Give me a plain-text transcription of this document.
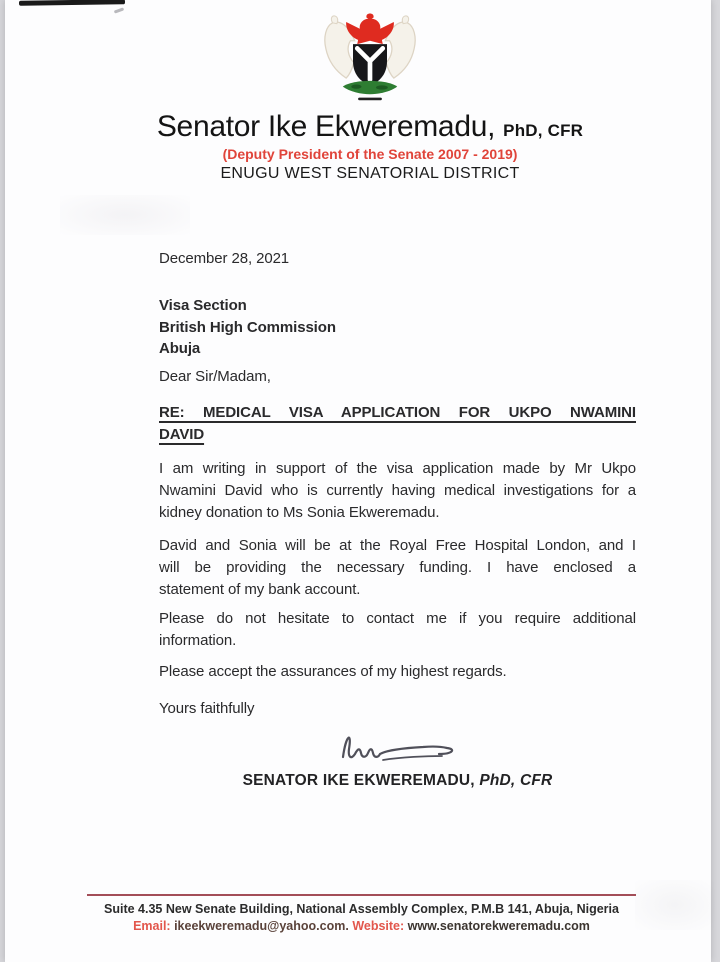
Senator Ike Ekweremadu, PhD, CFR
(Deputy President of the Senate 2007 - 2019)
ENUGU WEST SENATORIAL DISTRICT
December 28, 2021
Visa Section
British High Commission
Abuja
Dear Sir/Madam,
RE: MEDICAL VISA APPLICATION FOR UKPO NWAMINI
DAVID
I am writing in support of the visa application made by Mr Ukpo
Nwamini David who is currently having medical investigations for a
kidney donation to Ms Sonia Ekweremadu.
David and Sonia will be at the Royal Free Hospital London, and I
will be providing the necessary funding. I have enclosed a
statement of my bank account.
Please do not hesitate to contact me if you require additional
information.
Please accept the assurances of my highest regards.
Yours faithfully
SENATOR IKE EKWEREMADU, PhD, CFR
Suite 4.35 New Senate Building, National Assembly Complex, P.M.B 141, Abuja, Nigeria
Email: ikeekweremadu@yahoo.com. Website: www.senatorekweremadu.com
